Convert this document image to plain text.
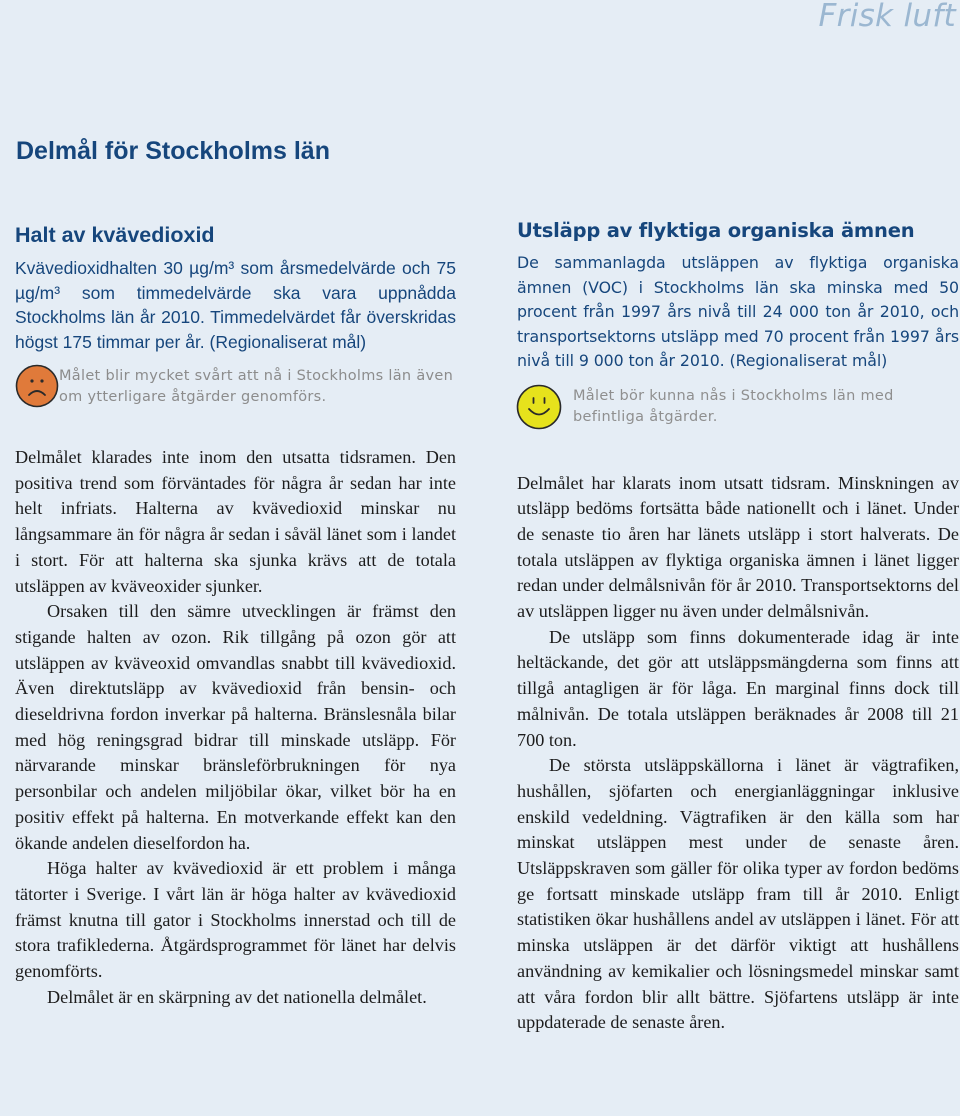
Frisk luft
Delmål för Stockholms län
Halt av kvävedioxid

Kvävedioxidhalten 30 µg/m³ som årsmedelvärde och 75 µg/m³ som timmedelvärde ska vara uppnådda Stockholms län år 2010. Timmedelvärdet får överskridas högst 175 timmar per år. (Regionaliserat mål)

Målet blir mycket svårt att nå i Stockholms län även om ytterligare åtgärder genomförs.

Delmålet klarades inte inom den utsatta tidsramen. Den positiva trend som förväntades för några år sedan har inte helt infriats. Halterna av kvävedioxid minskar nu långsammare än för några år sedan i såväl länet som i landet i stort. För att halterna ska sjunka krävs att de totala utsläppen av kväveoxider sjunker.

Orsaken till den sämre utvecklingen är främst den stigande halten av ozon. Rik tillgång på ozon gör att utsläppen av kväveoxid omvandlas snabbt till kvävedioxid. Även direktutsläpp av kvävedioxid från bensin- och dieseldrivna fordon inverkar på halterna. Bränslesnåla bilar med hög reningsgrad bidrar till minskade utsläpp. För närvarande minskar bränsleförbrukningen för nya personbilar och andelen miljöbilar ökar, vilket bör ha en positiv effekt på halterna. En motverkande effekt kan den ökande andelen dieselfordon ha.

Höga halter av kvävedioxid är ett problem i många tätorter i Sverige. I vårt län är höga halter av kvävedioxid främst knutna till gator i Stockholms innerstad och till de stora trafiklederna. Åtgärdsprogrammet för länet har delvis genomförts.

Delmålet är en skärpning av det nationella delmålet.

Utsläpp av flyktiga organiska ämnen

De sammanlagda utsläppen av flyktiga organiska ämnen (VOC) i Stockholms län ska minska med 50 procent från 1997 års nivå till 24 000 ton år 2010, och transportsektorns utsläpp med 70 procent från 1997 års nivå till 9 000 ton år 2010. (Regionaliserat mål)

Målet bör kunna nås i Stockholms län med befintliga åtgärder.

Delmålet har klarats inom utsatt tidsram. Minskningen av utsläpp bedöms fortsätta både nationellt och i länet. Under de senaste tio åren har länets utsläpp i stort halverats. De totala utsläppen av flyktiga organiska ämnen i länet ligger redan under delmålsnivån för år 2010. Transportsektorns del av utsläppen ligger nu även under delmålsnivån.

De utsläpp som finns dokumenterade idag är inte heltäckande, det gör att utsläppsmängderna som finns att tillgå antagligen är för låga. En marginal finns dock till målnivån. De totala utsläppen beräknades år 2008 till 21 700 ton.

De största utsläppskällorna i länet är vägtrafiken, hushållen, sjöfarten och energianläggningar inklusive enskild vedeldning. Vägtrafiken är den källa som har minskat utsläppen mest under de senaste åren. Utsläppskraven som gäller för olika typer av fordon bedöms ge fortsatt minskade utsläpp fram till år 2010. Enligt statistiken ökar hushållens andel av utsläppen i länet. För att minska utsläppen är det därför viktigt att hushållens användning av kemikalier och lösningsmedel minskar samt att våra fordon blir allt bättre. Sjöfartens utsläpp är inte uppdaterade de senaste åren.
